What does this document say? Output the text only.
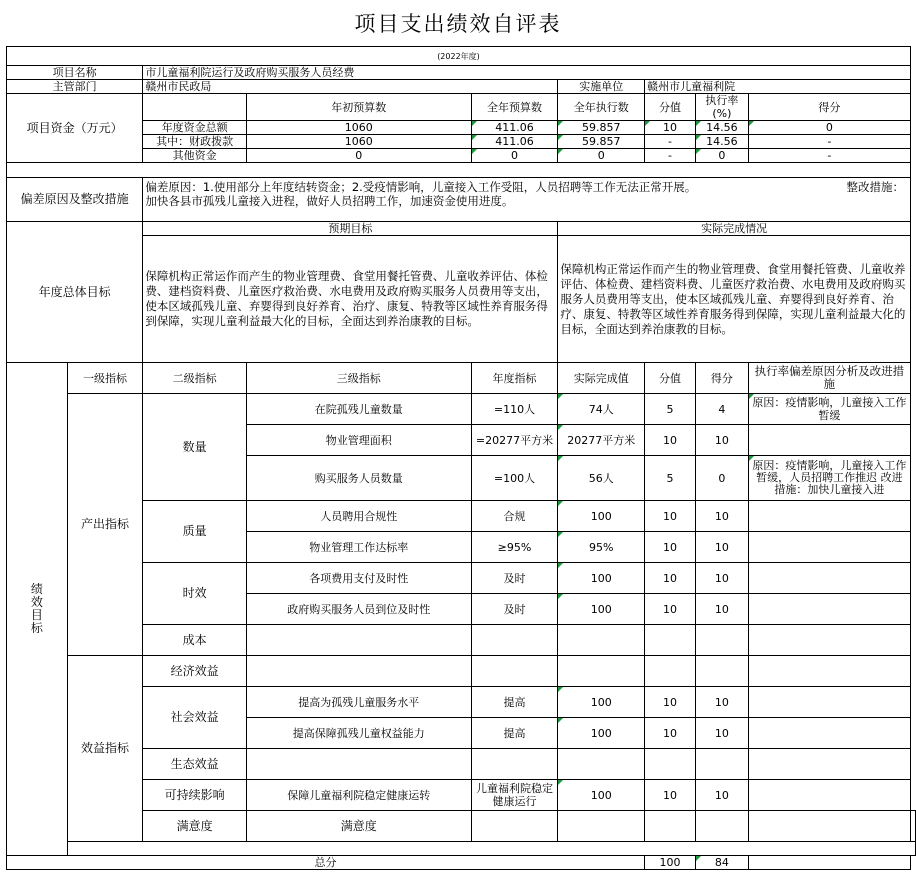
项目支出绩效自评表
(2022年度)									
项目名称		市儿童福利院运行及政府购买服务人员经费							
主管部门		赣州市民政局			实施单位	赣州市儿童福利院			
项目资金（万元）			年初预算数	全年预算数	全年执行数	分值	执行率(%)	得分	
		年度资金总额	1060	411.06	59.857	10	14.56	0	
		其中：财政拨款	1060	411.06	59.857	-	14.56	-	
		其他资金	0	0	0	-	0	-	

偏差原因及整改措施		偏差原因：1.使用部分上年度结转资金；2.受疫情影响，儿童接入工作受阻，人员招聘等工作无法正常开展。 整改措施：
加快各县市孤残儿童接入进程，做好人员招聘工作，加速资金使用进度。							

年度总体目标		预期目标			实际完成情况				
		保障机构正常运作而产生的物业管理费、食堂用餐托管费、儿童收养评估、体检费、建档资料费、儿童医疗救治费、水电费用及政府购买服务人员费用等支出，使本区域孤残儿童、弃婴得到良好养育、治疗、康复、特教等区域性养育服务得到保障，实现儿童利益最大化的目标，全面达到养治康教的目标。			保障机构正常运作而产生的物业管理费、食堂用餐托管费、儿童收养评估、体检费、建档资料费、儿童医疗救治费、水电费用及政府购买服务人员费用等支出，使本区域孤残儿童、弃婴得到良好养育、治疗、康复、特教等区域性养育服务得到保障，实现儿童利益最大化的目标，全面达到养治康教的目标。				

绩
效
目
标	一级指标	二级指标	三级指标	年度指标	实际完成值	分值	得分	执行率偏差原因分析及改进措施	
	产出指标	数量	在院孤残儿童数量	=110人	74人	5	4	原因：疫情影响，儿童接入工作暂缓	
			物业管理面积	=20277平方米	20277平方米	10	10		
			购买服务人员数量	=100人	56人	5	0	原因：疫情影响，儿童接入工作暂缓，人员招聘工作推迟 改进措施：加快儿童接入进	
		质量	人员聘用合规性	合规	100	10	10		
			物业管理工作达标率	≥95%	95%	10	10		
		时效	各项费用支付及时性	及时	100	10	10		
			政府购买服务人员到位及时性	及时	100	10	10		
		成本							
	效益指标	经济效益							
		社会效益	提高为孤残儿童服务水平	提高	100	10	10		
			提高保障孤残儿童权益能力	提高	100	10	10		
		生态效益							
		可持续影响	保障儿童福利院稳定健康运转	儿童福利院稳定健康运行	100	10	10		
		满意度	满意度						

总分						100	84		
